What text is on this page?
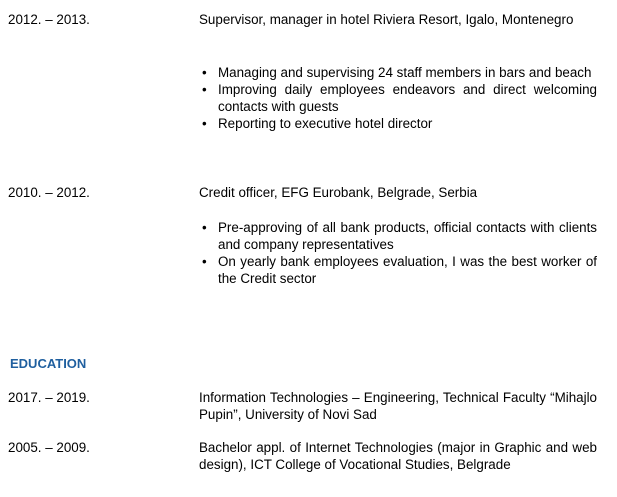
2012. – 2013.	Supervisor, manager in hotel Riviera Resort, Igalo, Montenegro
• Managing and supervising 24 staff members in bars and beach
• Improving daily employees endeavors and direct welcoming contacts with guests
• Reporting to executive hotel director
2010. – 2012.	Credit officer, EFG Eurobank, Belgrade, Serbia
• Pre-approving of all bank products, official contacts with clients and company representatives
• On yearly bank employees evaluation, I was the best worker of the Credit sector
EDUCATION
2017. – 2019.	Information Technologies – Engineering, Technical Faculty “Mihajlo Pupin”, University of Novi Sad
2005. – 2009.	Bachelor appl. of Internet Technologies (major in Graphic and web design), ICT College of Vocational Studies, Belgrade
